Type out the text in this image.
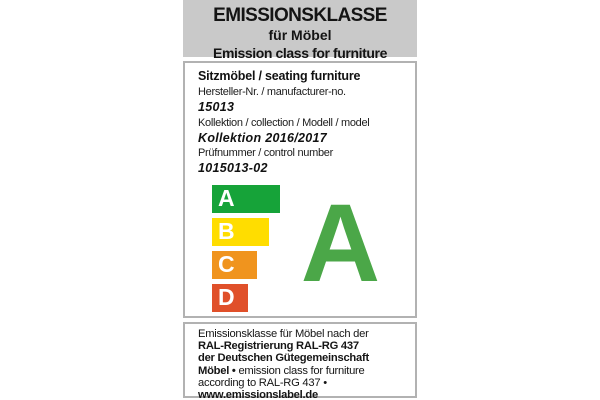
EMISSIONSKLASSE
für Möbel
Emission class for furniture
Sitzmöbel / seating furniture
Hersteller-Nr. / manufacturer-no.
15013
Kollektion / collection / Modell / model
Kollektion 2016/2017
Prüfnummer / control number
1015013-02
A
B
C
D A
Emissionsklasse für Möbel nach der
RAL-Registrierung RAL-RG 437
der Deutschen Gütegemeinschaft
Möbel • emission class for furniture
according to RAL-RG 437 •
www.emissionslabel.de
